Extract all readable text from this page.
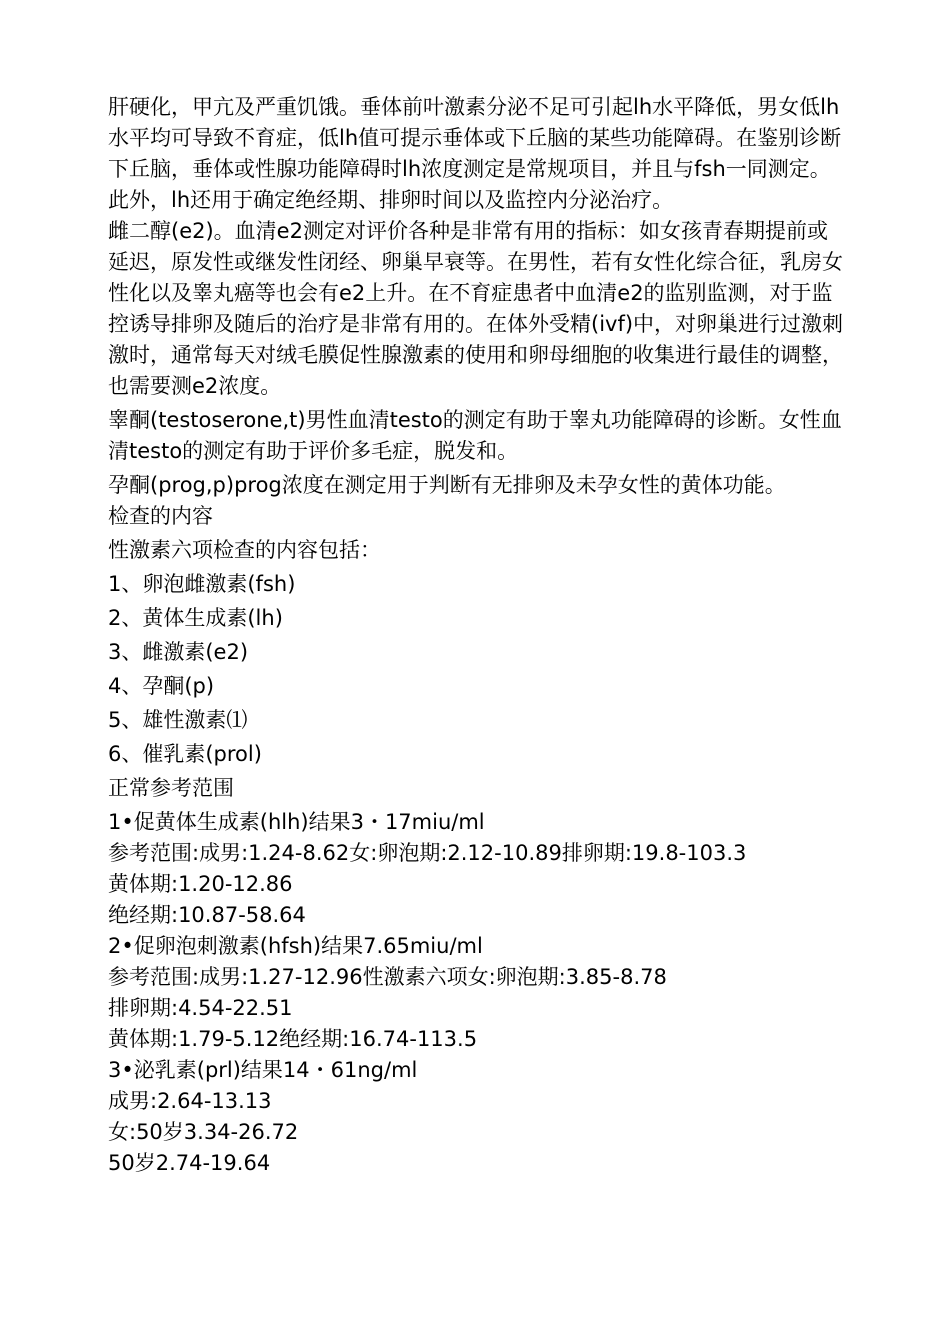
肝硬化，甲亢及严重饥饿。垂体前叶激素分泌不足可引起lh水平降低，男女低lh水平均可导致不育症，低lh值可提示垂体或下丘脑的某些功能障碍。在鉴别诊断下丘脑，垂体或性腺功能障碍时lh浓度测定是常规项目，并且与fsh一同测定。此外，lh还用于确定绝经期、排卵时间以及监控内分泌治疗。

雌二醇(e2)。血清e2测定对评价各种是非常有用的指标：如女孩青春期提前或延迟，原发性或继发性闭经、卵巢早衰等。在男性，若有女性化综合征，乳房女性化以及睾丸癌等也会有e2上升。在不育症患者中血清e2的监别监测，对于监控诱导排卵及随后的治疗是非常有用的。在体外受精(ivf)中，对卵巢进行过激刺激时，通常每天对绒毛膜促性腺激素的使用和卵母细胞的收集进行最佳的调整，也需要测e2浓度。

睾酮(testoserone,t)男性血清testo的测定有助于睾丸功能障碍的诊断。女性血清testo的测定有助于评价多毛症，脱发和。

孕酮(prog,p)prog浓度在测定用于判断有无排卵及未孕女性的黄体功能。

检查的内容

性激素六项检查的内容包括：

1、卵泡雌激素(fsh)

2、黄体生成素(lh)

3、雌激素(e2)

4、孕酮(p)

5、雄性激素⑴

6、催乳素(prol)

正常参考范围

1•促黄体生成素(hlh)结果3・17miu/ml

参考范围:成男:1.24-8.62女:卵泡期:2.12-10.89排卵期:19.8-103.3

黄体期:1.20-12.86

绝经期:10.87-58.64

2•促卵泡刺激素(hfsh)结果7.65miu/ml

参考范围:成男:1.27-12.96性激素六项女:卵泡期:3.85-8.78

排卵期:4.54-22.51

黄体期:1.79-5.12绝经期:16.74-113.5

3•泌乳素(prl)结果14・61ng/ml

成男:2.64-13.13

女:50岁3.34-26.72

50岁2.74-19.64
